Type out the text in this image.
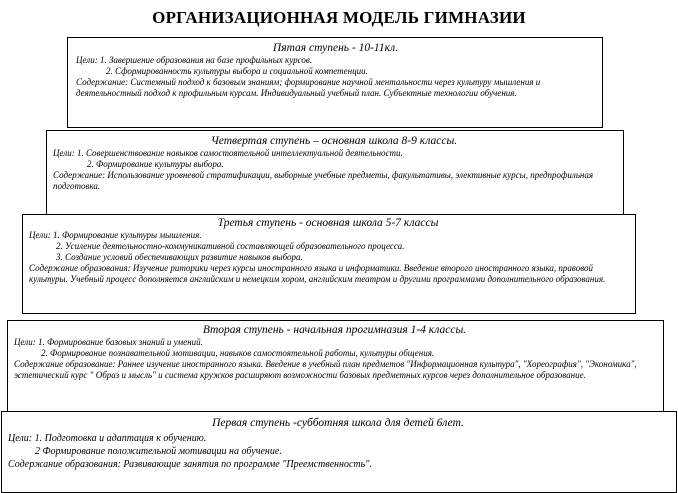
ОРГАНИЗАЦИОННАЯ МОДЕЛЬ ГИМНАЗИИ
Пятая ступень - 10-11кл.
Цели: 1. Завершение образования на базе профильных курсов.
2. Сформированность культуры выбора и социальной компетенции.
Содержание: Системный подход к базовым знаниям; формирование научной ментальности через культуру мышления и деятельностный подход к профильным курсам. Индивидуальный учебный план. Субъектные технологии обучения.
Четвертая ступень – основная школа 8-9 классы.
Цели: 1. Совершенствование навыков самостоятельной интеллектуальной деятельности.
2. Формирование культуры выбора.
Содержание: Использование уровневой стратификации, выборные учебные предметы, факультативы, элективные курсы, предпрофильная подготовка.
Третья ступень - основная школа 5-7 классы
Цели: 1. Формирование культуры мышления.
2. Усиление деятельностно-коммуникативной составляющей образовательного процесса.
3. Создание условий обеспечивающих развитие навыков выбора.
Содержание образования: Изучение риторики через курсы иностранного языка и информатики. Введение второго иностранного языка, правовой культуры. Учебный процесс дополняется английским и немецким хором, английским театром и другими программами дополнительного образования.
Вторая ступень - начальная прогимназия 1-4 классы.
Цели: 1. Формирование базовых знаний и умений.
2. Формирование познавательной мотивации, навыков самостоятельной работы, культуры общения.
Содержание образование: Раннее изучение иностранного языка. Введение в учебный план предметов "Информационная культура", "Хореография", "Экономика", эстетический курс " Образ и мысль" и система кружков расширяют возможности базовых предметных курсов через дополнительное образование.
Первая ступень -субботняя школа для детей 6лет.
Цели: 1. Подготовка и адаптация к обучению.
2 Формирование положительной мотивации на обучение.
Содержание образования: Развивающие занятия по программе "Преемственность".
